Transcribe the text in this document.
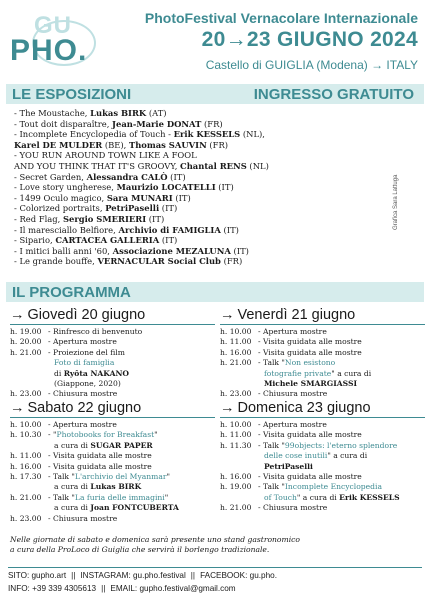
GU
PHO.
PhotoFestival Vernacolare Internazionale
20→23 GIUGNO 2024
Castello di GUIGLIA (Modena) → ITALY
LE ESPOSIZIONI	INGRESSO GRATUITO
- The Moustache, Lukas BIRK (AT)
- Tout doit disparaître, Jean-Marie DONAT (FR)
- Incomplete Encyclopedia of Touch - Erik KESSELS (NL),
Karel DE MULDER (BE), Thomas SAUVIN (FR)
- YOU RUN AROUND TOWN LIKE A FOOL
AND YOU THINK THAT IT'S GROOVY, Chantal RENS (NL)
- Secret Garden, Alessandra CALÒ (IT)
- Love story ungherese, Maurizio LOCATELLI (IT)
- 1499 Oculo magico, Sara MUNARI (IT)
- Colorized portraits, PetriPaselli (IT)
- Red Flag, Sergio SMERIERI (IT)
- Il maresciallo Belfiore, Archivio di FAMIGLIA (IT)
- Sipario, CARTACEA GALLERIA (IT)
- I mitici balli anni '60, Associazione MEZALUNA (IT)
- Le grande bouffe, VERNACULAR Social Club (FR)
Grafica Sara Lattuga
IL PROGRAMMA
→ Giovedì 20 giugno
h. 19.00 - Rinfresco di benvenuto
h. 20.00 - Apertura mostre
h. 21.00 - Proiezione del film
Foto di famiglia
di Ryôta NAKANO
(Giappone, 2020)
h. 23.00 - Chiusura mostre
→ Venerdì 21 giugno
h. 10.00 - Apertura mostre
h. 11.00 - Visita guidata alle mostre
h. 16.00 - Visita guidata alle mostre
h. 21.00 - Talk "Non esistono
fotografie private" a cura di
Michele SMARGIASSI
h. 23.00 - Chiusura mostre
→ Sabato 22 giugno
h. 10.00 - Apertura mostre
h. 10.30 - "Photobooks for Breakfast"
a cura di SUGAR PAPER
h. 11.00 - Visita guidata alle mostre
h. 16.00 - Visita guidata alle mostre
h. 17.30 - Talk "L'archivio del Myanmar"
a cura di Lukas BIRK
h. 21.00 - Talk "La furia delle immagini"
a cura di Joan FONTCUBERTA
h. 23.00 - Chiusura mostre
→ Domenica 23 giugno
h. 10.00 - Apertura mostre
h. 11.00 - Visita guidata alle mostre
h. 11.30 - Talk "99objects: l'eterno splendore
delle cose inutili" a cura di
PetriPaselli
h. 16.00 - Visita guidata alle mostre
h. 19.00 - Talk "Incomplete Encyclopedia
of Touch" a cura di Erik KESSELS
h. 21.00 - Chiusura mostre
Nelle giornate di sabato e domenica sarà presente uno stand gastronomico
a cura della ProLoco di Guiglia che servirà il borlengo tradizionale.
SITO: gupho.art || INSTAGRAM: gu.pho.festival || FACEBOOK: gu.pho.
INFO: +39 339 4305613 || EMAIL: gupho.festival@gmail.com
